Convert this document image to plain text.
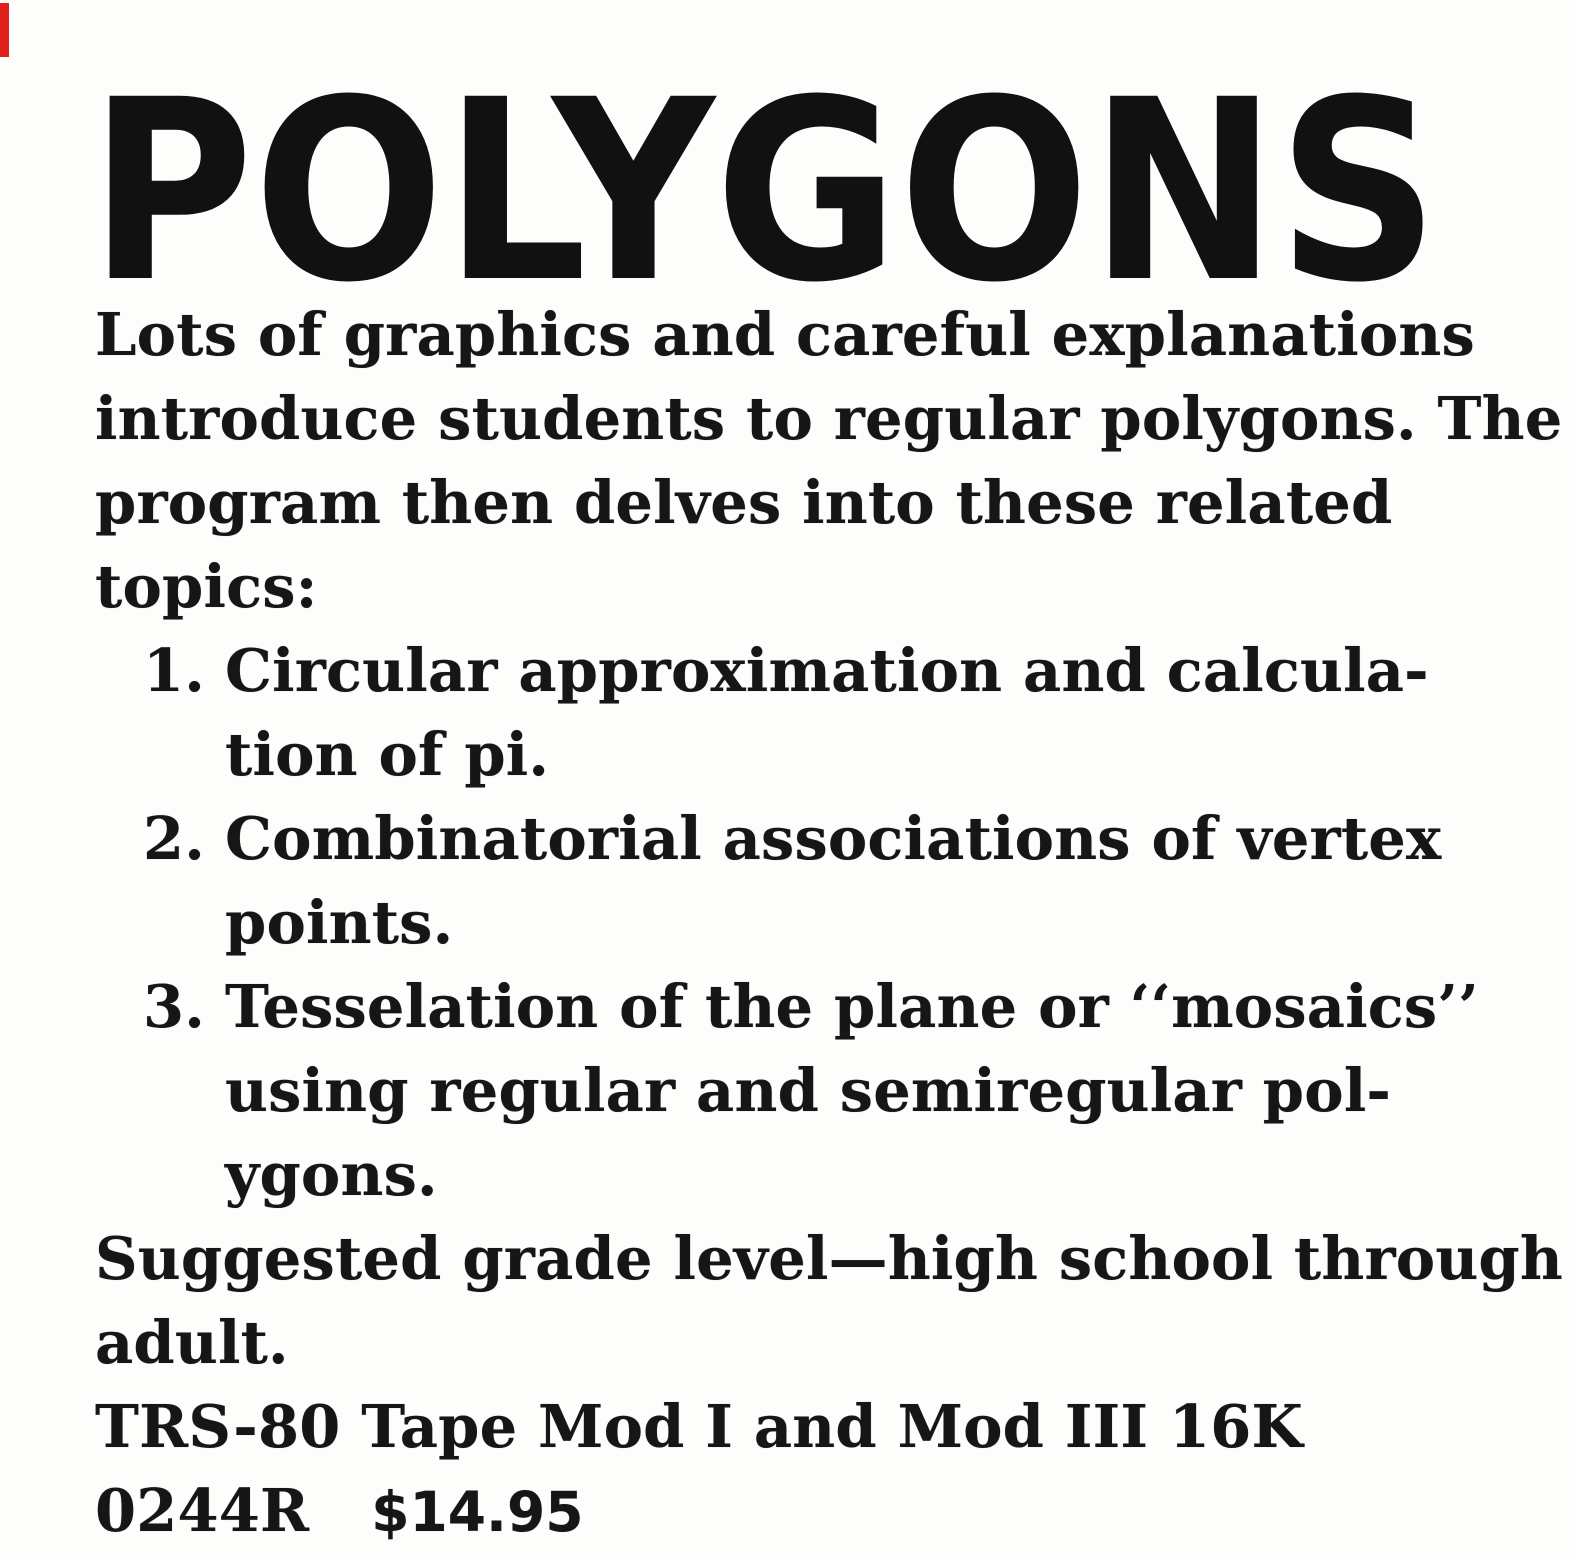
POLYGONS
Lots of graphics and careful explanations
introduce students to regular polygons. The
program then delves into these related
topics:
1. Circular approximation and calcula-
tion of pi.
2. Combinatorial associations of vertex
points.
3. Tesselation of the plane or ‘‘mosaics’’
using regular and semiregular pol-
ygons.
Suggested grade level—high school through
adult.
TRS-80 Tape Mod I and Mod III 16K
0244R $14.95
